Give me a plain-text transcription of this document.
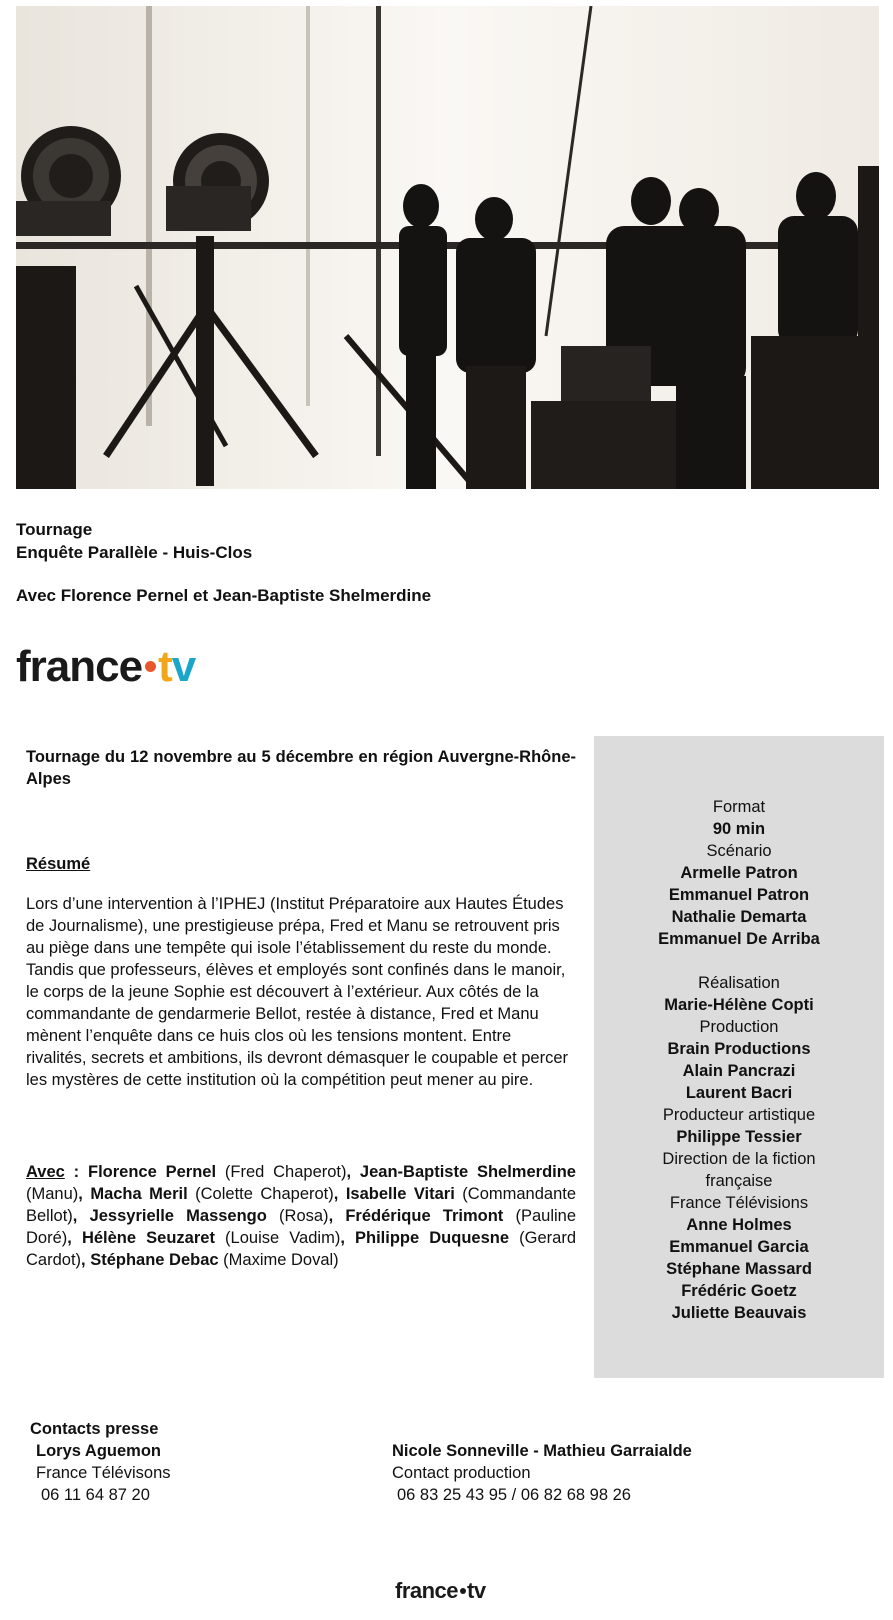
Tournage
Enquête Parallèle - Huis-Clos
Avec Florence Pernel et Jean-Baptiste Shelmerdine
france tv
Tournage du 12 novembre au 5 décembre en région Auvergne-Rhône-Alpes
Résumé
Lors d’une intervention à l’IPHEJ (Institut Préparatoire aux Hautes Études de Journalisme), une prestigieuse prépa, Fred et Manu se retrouvent pris au piège dans une tempête qui isole l’établissement du reste du monde. Tandis que professeurs, élèves et employés sont confinés dans le manoir, le corps de la jeune Sophie est découvert à l’extérieur. Aux côtés de la commandante de gendarmerie Bellot, restée à distance, Fred et Manu mènent l’enquête dans ce huis clos où les tensions montent. Entre rivalités, secrets et ambitions, ils devront démasquer le coupable et percer les mystères de cette institution où la compétition peut mener au pire.
Avec : Florence Pernel (Fred Chaperot), Jean-Baptiste Shelmerdine (Manu), Macha Meril (Colette Chaperot), Isabelle Vitari (Commandante Bellot), Jessyrielle Massengo (Rosa), Frédérique Trimont (Pauline Doré), Hélène Seuzaret (Louise Vadim), Philippe Duquesne (Gerard Cardot), Stéphane Debac (Maxime Doval)
Format
90 min
Scénario
Armelle Patron
Emmanuel Patron
Nathalie Demarta
Emmanuel De Arriba
Réalisation
Marie-Hélène Copti
Production
Brain Productions
Alain Pancrazi
Laurent Bacri
Producteur artistique
Philippe Tessier
Direction de la fiction
française
France Télévisions
Anne Holmes
Emmanuel Garcia
Stéphane Massard
Frédéric Goetz
Juliette Beauvais
Contacts presse
Lorys Aguemon
France Télévisons
06 11 64 87 20
Nicole Sonneville - Mathieu Garraialde
Contact production
06 83 25 43 95 / 06 82 68 98 26
france tv
